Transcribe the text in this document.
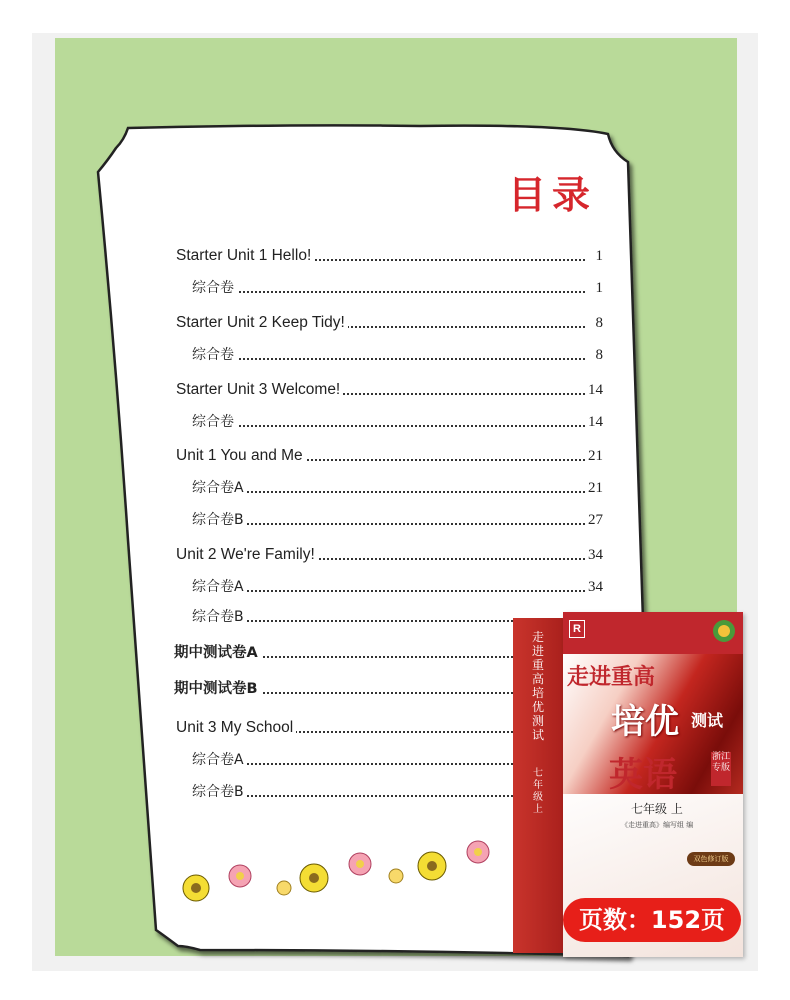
目录
Starter Unit 1 Hello!	1
综合卷	1
Starter Unit 2 Keep Tidy!	8
综合卷	8
Starter Unit 3 Welcome!	14
综合卷	14
Unit 1 You and Me	21
综合卷A	21
综合卷B	27
Unit 2 We're Family!	34
综合卷A	34
综合卷B
期中测试卷A
期中测试卷B
Unit 3 My School
综合卷A
综合卷B
走进重高培优测试
七年级上
R
走进重高
培优 测试
英语	浙江专版
七年级 上
《走进重高》编写组 编
双色修订版
页数：152页
